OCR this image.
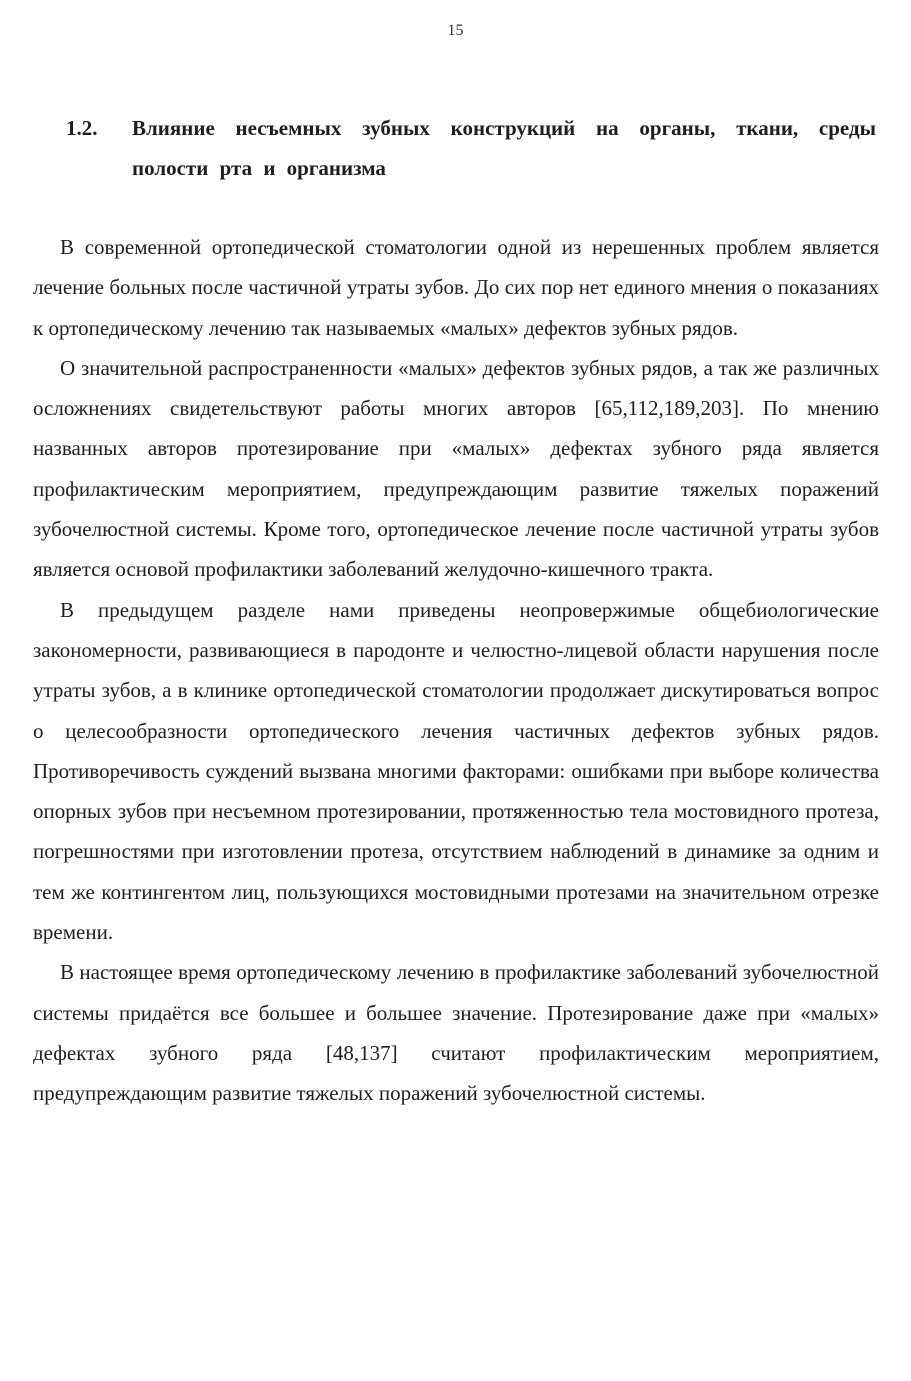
15
1.2. Влияние несъемных зубных конструкций на органы, ткани, среды полости рта и организма

В современной ортопедической стоматологии одной из нерешенных проблем является лечение больных после частичной утраты зубов. До сих пор нет единого мнения о показаниях к ортопедическому лечению так называемых «малых» дефектов зубных рядов.

О значительной распространенности «малых» дефектов зубных рядов, а так же различных осложнениях свидетельствуют работы многих авторов [65,112,189,203]. По мнению названных авторов протезирование при «малых» дефектах зубного ряда является профилактическим мероприятием, предупреждающим развитие тяжелых поражений зубочелюстной системы. Кроме того, ортопедическое лечение после частичной утраты зубов является основой профилактики заболеваний желудочно-кишечного тракта.

В предыдущем разделе нами приведены неопровержимые общебиологические закономерности, развивающиеся в пародонте и челюстно-лицевой области нарушения после утраты зубов, а в клинике ортопедической стоматологии продолжает дискутироваться вопрос о целесообразности ортопедического лечения частичных дефектов зубных рядов. Противоречивость суждений вызвана многими факторами: ошибками при выборе количества опорных зубов при несъемном протезировании, протяженностью тела мостовидного протеза, погрешностями при изготовлении протеза, отсутствием наблюдений в динамике за одним и тем же контингентом лиц, пользующихся мостовидными протезами на значительном отрезке времени.

В настоящее время ортопедическому лечению в профилактике заболеваний зубочелюстной системы придаётся все большее и большее значение. Протезирование даже при «малых» дефектах зубного ряда [48,137] считают профилактическим мероприятием, предупреждающим развитие тяжелых поражений зубочелюстной системы.
